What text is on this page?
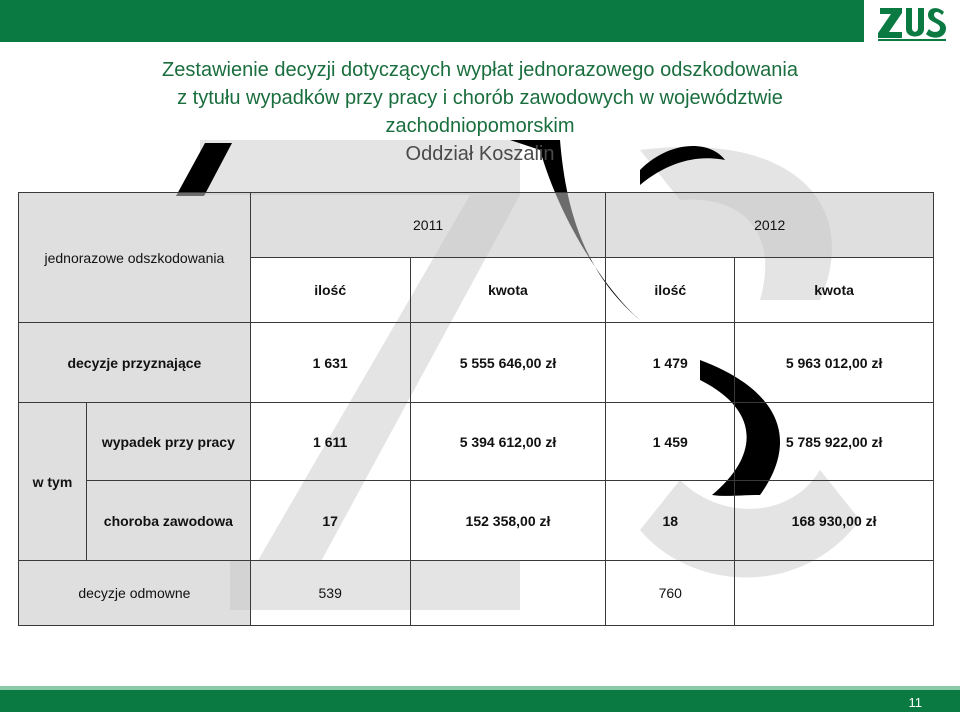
Zestawienie decyzji dotyczących wypłat jednorazowego odszkodowania
z tytułu wypadków przy pracy i chorób zawodowych w województwie
zachodniopomorskim
Oddział Koszalin
jednorazowe odszkodowania		2011		2012	
		ilość	kwota	ilość	kwota
decyzje przyznające		1 631	5 555 646,00 zł	1 479	5 963 012,00 zł
w tym	wypadek przy pracy	1 611	5 394 612,00 zł	1 459	5 785 922,00 zł
	choroba zawodowa	17	152 358,00 zł	18	168 930,00 zł
decyzje odmowne		539		760	
11
